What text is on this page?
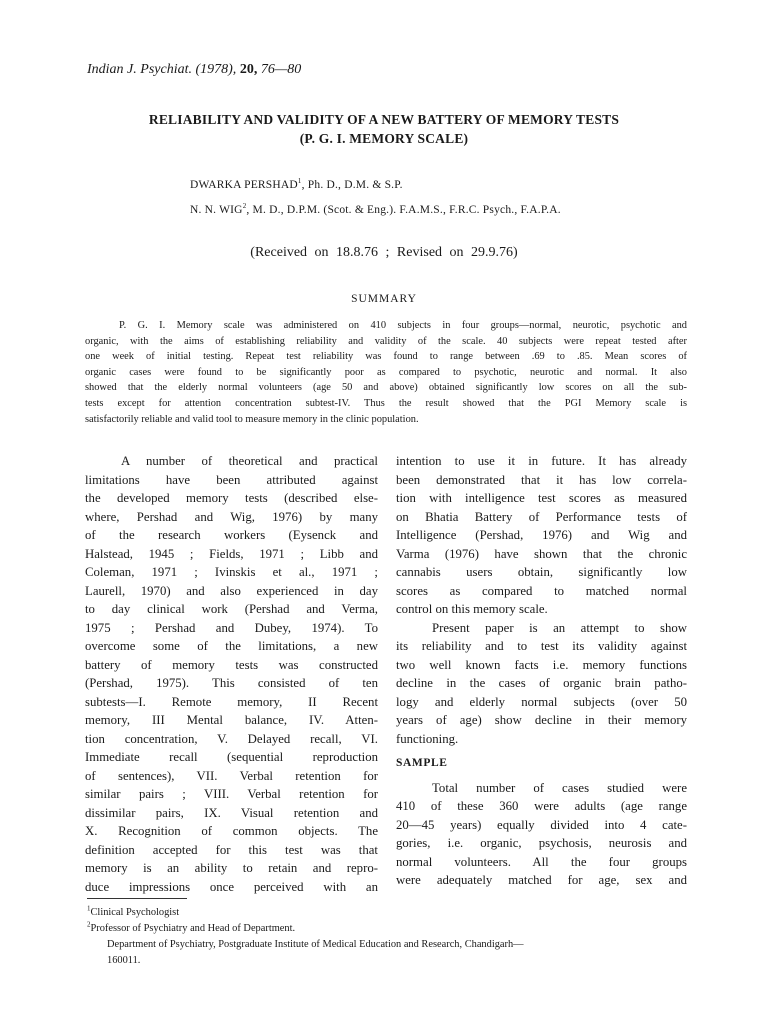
Indian J. Psychiat. (1978), 20, 76—80
RELIABILITY AND VALIDITY OF A NEW BATTERY OF MEMORY TESTS
(P. G. I. MEMORY SCALE)
DWARKA PERSHAD$^1$, Ph. D., D.M. & S.P.
N. N. WIG$^2$, M. D., D.P.M. (Scot. & Eng.). F.A.M.S., F.R.C. Psych., F.A.P.A.
(Received on 18.8.76 ; Revised on 29.9.76)
SUMMARY
P. G. I. Memory scale was administered on 410 subjects in four groups—normal, neurotic, psychotic and
organic, with the aims of establishing reliability and validity of the scale. 40 subjects were repeat tested after
one week of initial testing. Repeat test reliability was found to range between .69 to .85. Mean scores of
organic cases were found to be significantly poor as compared to psychotic, neurotic and normal. It also
showed that the elderly normal volunteers (age 50 and above) obtained significantly low scores on all the sub-
tests except for attention concentration subtest-IV. Thus the result showed that the PGI Memory scale is
satisfactorily reliable and valid tool to measure memory in the clinic population.
A number of theoretical and practical
limitations have been attributed against
the developed memory tests (described else-
where, Pershad and Wig, 1976) by many
of the research workers (Eysenck and
Halstead, 1945 ; Fields, 1971 ; Libb and
Coleman, 1971 ; Ivinskis et al., 1971 ;
Laurell, 1970) and also experienced in day
to day clinical work (Pershad and Verma,
1975 ; Pershad and Dubey, 1974). To
overcome some of the limitations, a new
battery of memory tests was constructed
(Pershad, 1975). This consisted of ten
subtests—I. Remote memory, II Recent
memory, III Mental balance, IV. Atten-
tion concentration, V. Delayed recall, VI.
Immediate recall (sequential reproduction
of sentences), VII. Verbal retention for
similar pairs ; VIII. Verbal retention for
dissimilar pairs, IX. Visual retention and
X. Recognition of common objects. The
definition accepted for this test was that
memory is an ability to retain and repro-
duce impressions once perceived with an
intention to use it in future. It has already
been demonstrated that it has low correla-
tion with intelligence test scores as measured
on Bhatia Battery of Performance tests of
Intelligence (Pershad, 1976) and Wig and
Varma (1976) have shown that the chronic
cannabis users obtain, significantly low
scores as compared to matched normal
control on this memory scale.
Present paper is an attempt to show
its reliability and to test its validity against
two well known facts i.e. memory functions
decline in the cases of organic brain patho-
logy and elderly normal subjects (over 50
years of age) show decline in their memory
functioning.
SAMPLE
Total number of cases studied were
410 of these 360 were adults (age range
20—45 years) equally divided into 4 cate-
gories, i.e. organic, psychosis, neurosis and
normal volunteers. All the four groups
were adequately matched for age, sex and
$^1$Clinical Psychologist
$^2$Professor of Psychiatry and Head of Department.
Department of Psychiatry, Postgraduate Institute of Medical Education and Research, Chandigarh—
160011.
